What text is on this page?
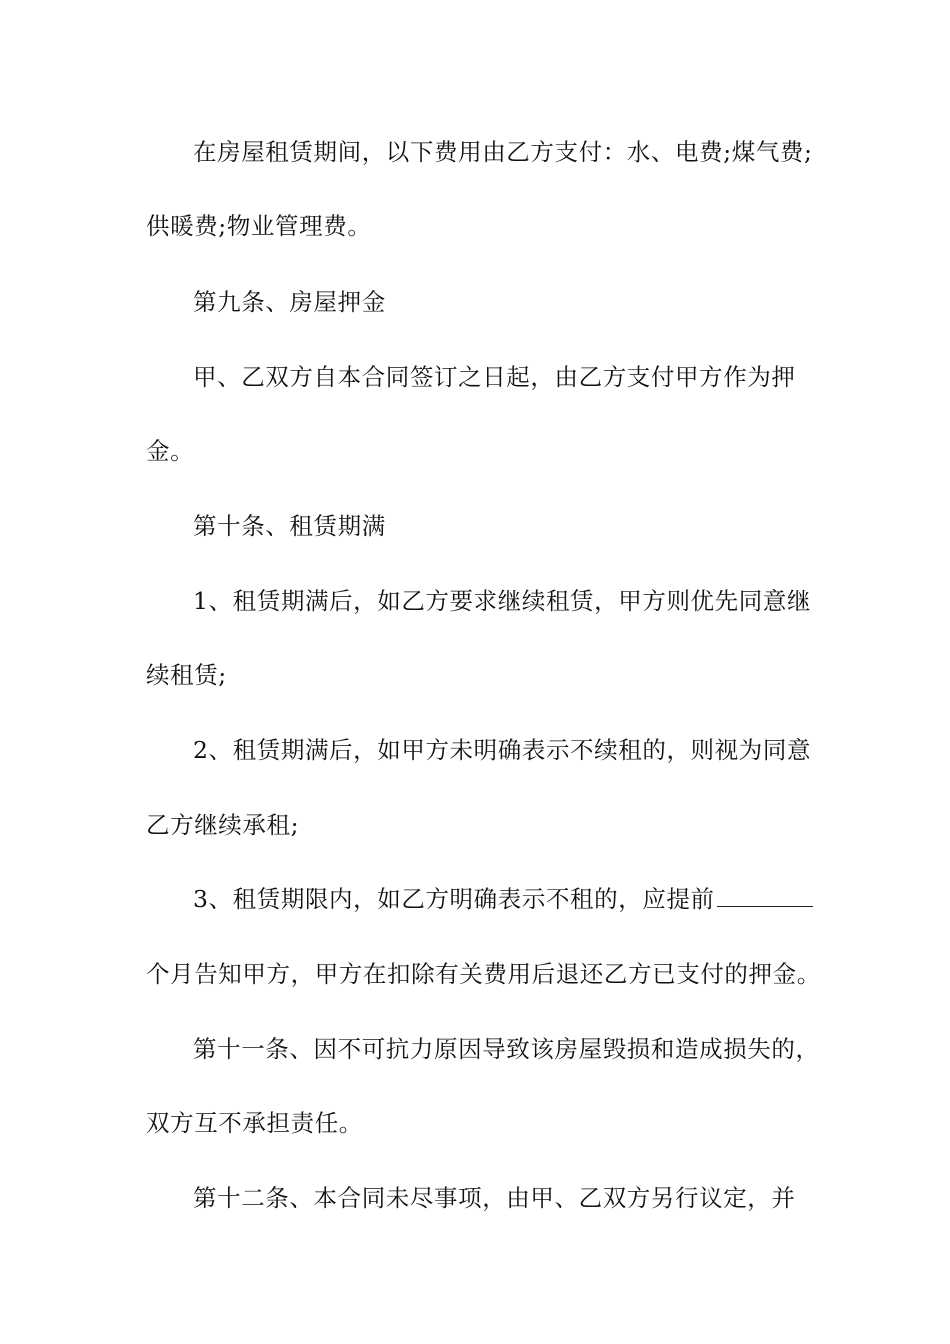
在房屋租赁期间，以下费用由乙方支付：水、电费;煤气费;
供暖费;物业管理费。
第九条、房屋押金
甲、乙双方自本合同签订之日起，由乙方支付甲方作为押
金。
第十条、租赁期满
1、租赁期满后，如乙方要求继续租赁，甲方则优先同意继
续租赁;
2、租赁期满后，如甲方未明确表示不续租的，则视为同意
乙方继续承租;
3、租赁期限内，如乙方明确表示不租的，应提前
个月告知甲方，甲方在扣除有关费用后退还乙方已支付的押金。
第十一条、因不可抗力原因导致该房屋毁损和造成损失的，
双方互不承担责任。
第十二条、本合同未尽事项，由甲、乙双方另行议定，并
